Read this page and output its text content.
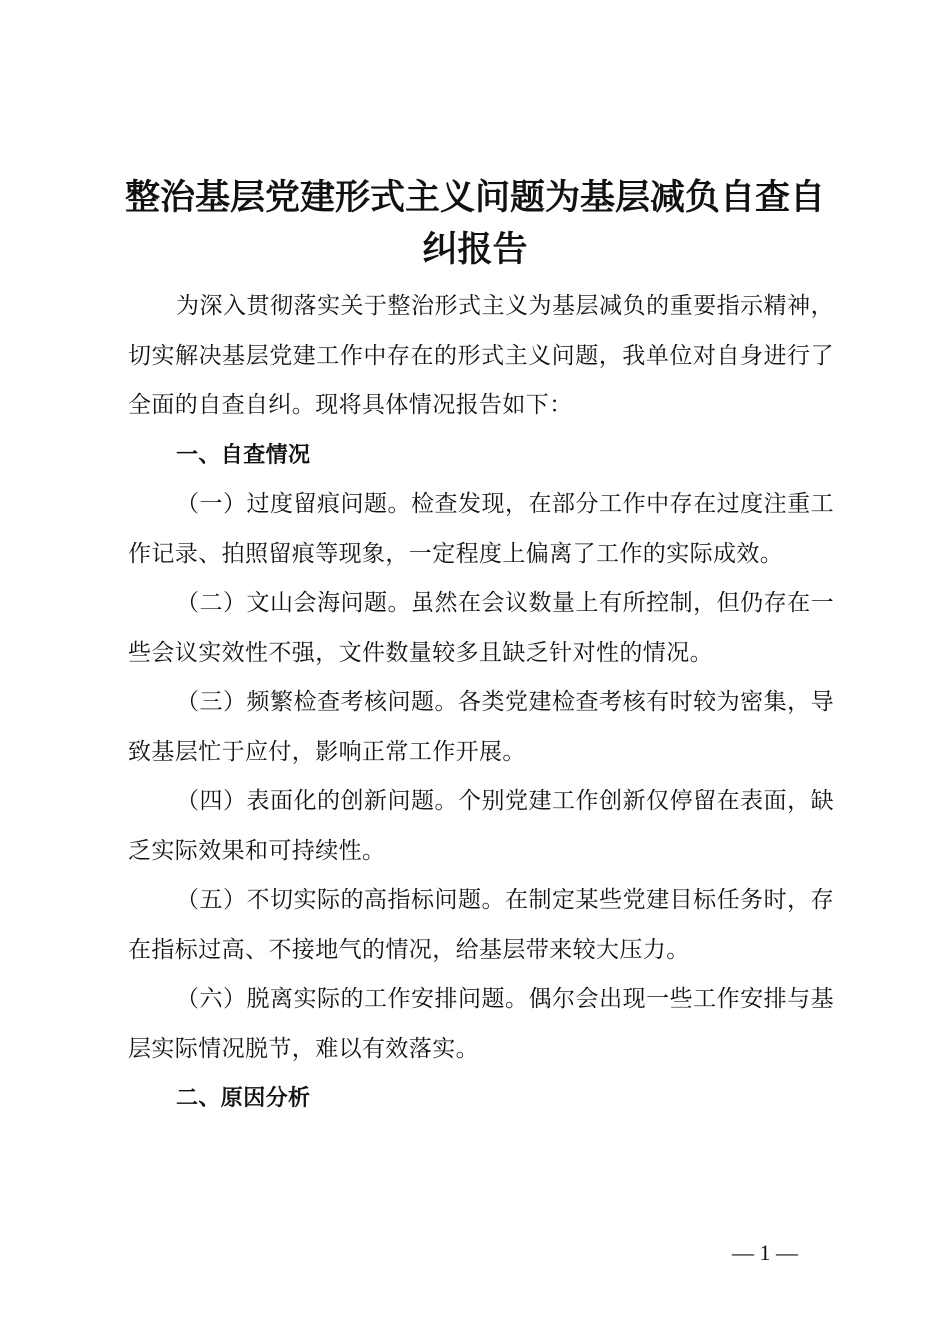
整治基层党建形式主义问题为基层减负自查自纠报告

为深入贯彻落实关于整治形式主义为基层减负的重要指示精神，切实解决基层党建工作中存在的形式主义问题，我单位对自身进行了全面的自查自纠。现将具体情况报告如下：

一、自查情况

（一）过度留痕问题。检查发现，在部分工作中存在过度注重工作记录、拍照留痕等现象，一定程度上偏离了工作的实际成效。

（二）文山会海问题。虽然在会议数量上有所控制，但仍存在一些会议实效性不强，文件数量较多且缺乏针对性的情况。

（三）频繁检查考核问题。各类党建检查考核有时较为密集，导致基层忙于应付，影响正常工作开展。

（四）表面化的创新问题。个别党建工作创新仅停留在表面，缺乏实际效果和可持续性。

（五）不切实际的高指标问题。在制定某些党建目标任务时，存在指标过高、不接地气的情况，给基层带来较大压力。

（六）脱离实际的工作安排问题。偶尔会出现一些工作安排与基层实际情况脱节，难以有效落实。

二、原因分析

— 1 —
